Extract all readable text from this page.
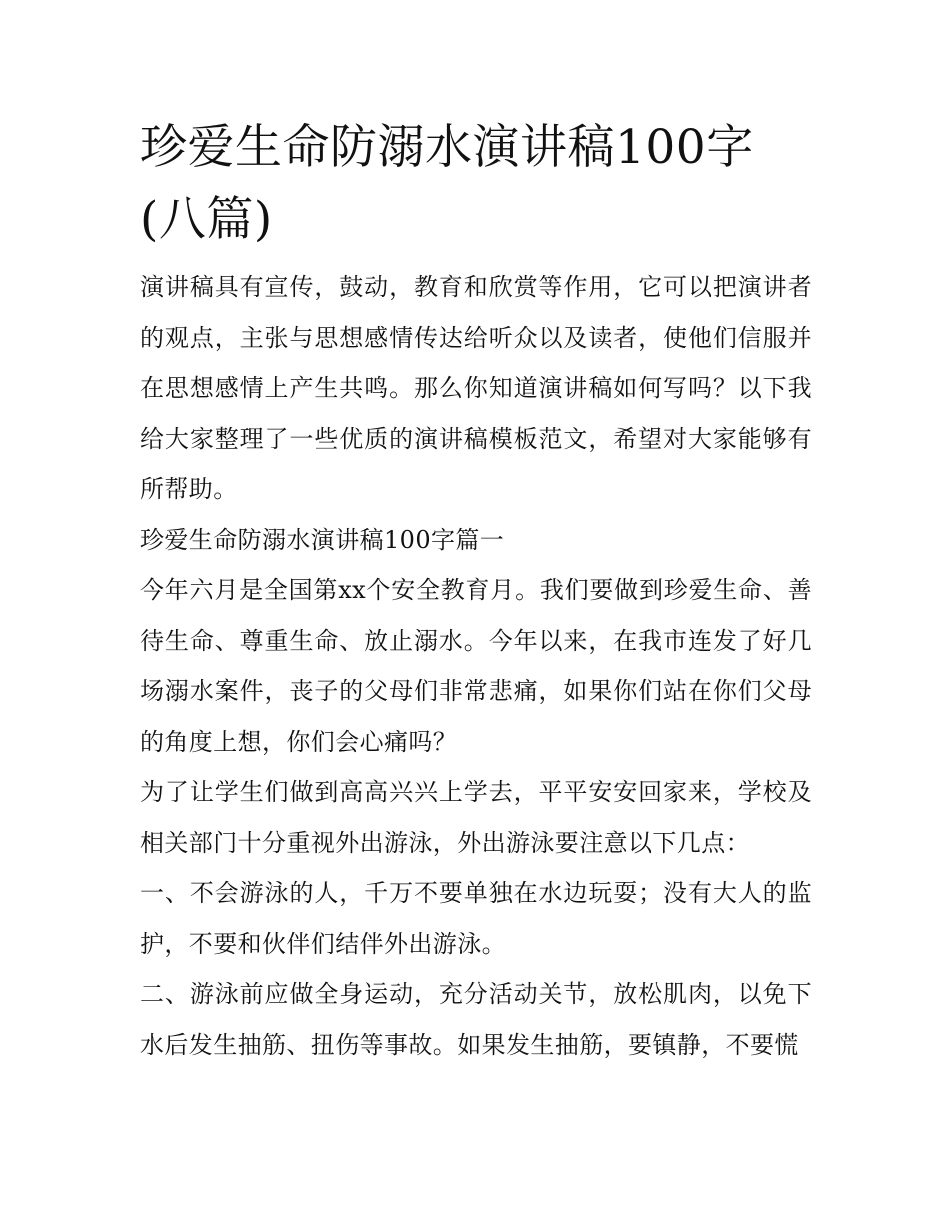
珍爱生命防溺水演讲稿100字(八篇)

演讲稿具有宣传，鼓动，教育和欣赏等作用，它可以把演讲者的观点，主张与思想感情传达给听众以及读者，使他们信服并在思想感情上产生共鸣。那么你知道演讲稿如何写吗？以下我给大家整理了一些优质的演讲稿模板范文，希望对大家能够有所帮助。

珍爱生命防溺水演讲稿100字篇一

今年六月是全国第xx个安全教育月。我们要做到珍爱生命、善待生命、尊重生命、放止溺水。今年以来，在我市连发了好几场溺水案件，丧子的父母们非常悲痛，如果你们站在你们父母的角度上想，你们会心痛吗？

为了让学生们做到高高兴兴上学去，平平安安回家来，学校及相关部门十分重视外出游泳，外出游泳要注意以下几点：

一、不会游泳的人，千万不要单独在水边玩耍；没有大人的监护，不要和伙伴们结伴外出游泳。

二、游泳前应做全身运动，充分活动关节，放松肌肉，以免下水后发生抽筋、扭伤等事故。如果发生抽筋，要镇静，不要慌
